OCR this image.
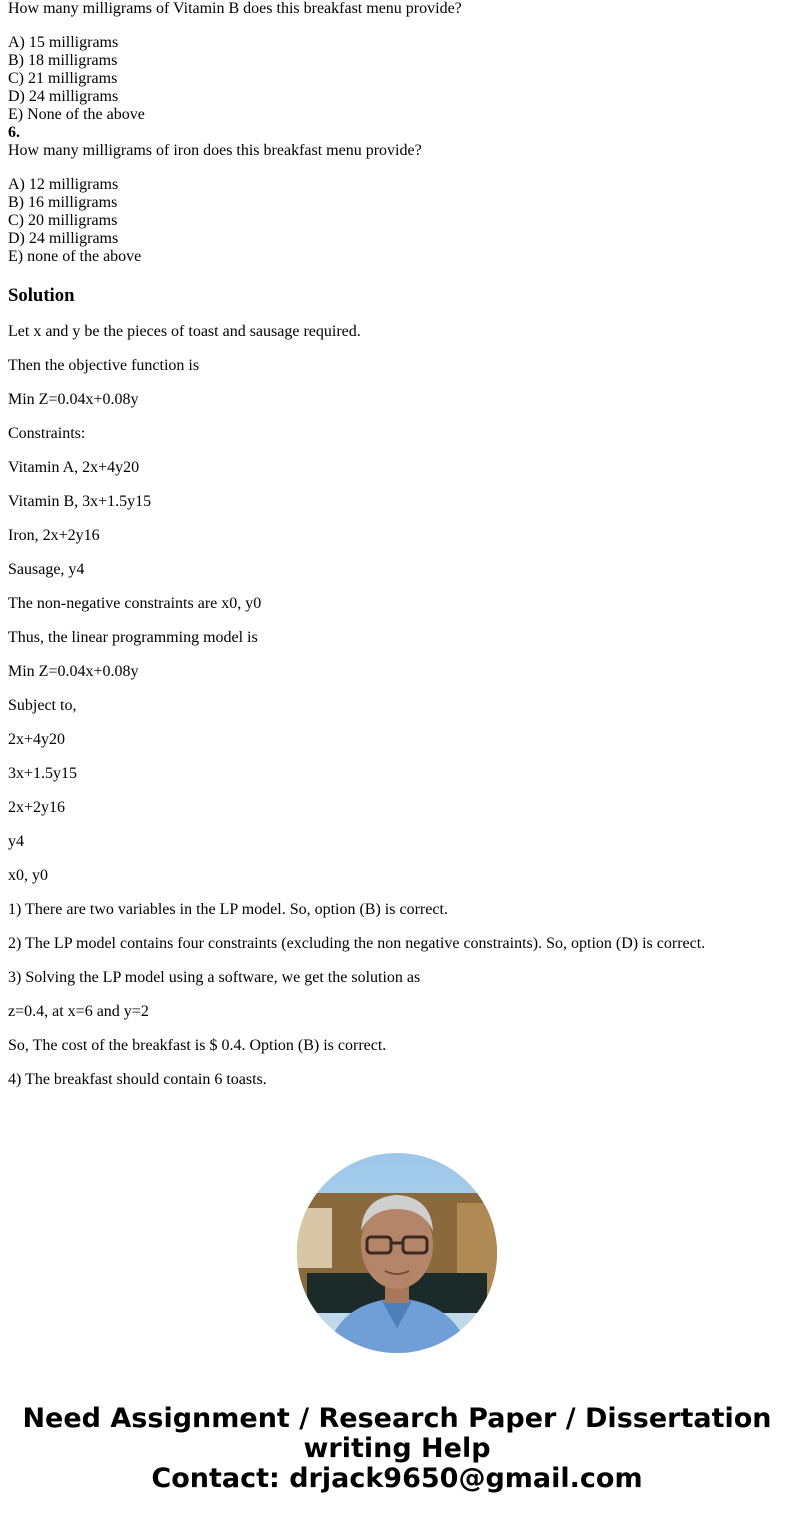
How many milligrams of Vitamin B does this breakfast menu provide?

A) 15 milligrams
B) 18 milligrams
C) 21 milligrams
D) 24 milligrams
E) None of the above

6.

How many milligrams of iron does this breakfast menu provide?

A) 12 milligrams
B) 16 milligrams
C) 20 milligrams
D) 24 milligrams
E) none of the above
Solution

Let x and y be the pieces of toast and sausage required.

Then the objective function is

Min Z=0.04x+0.08y

Constraints:

Vitamin A, 2x+4y20

Vitamin B, 3x+1.5y15

Iron, 2x+2y16

Sausage, y4

The non-negative constraints are x0, y0

Thus, the linear programming model is

Min Z=0.04x+0.08y

Subject to,

2x+4y20

3x+1.5y15

2x+2y16

y4

x0, y0

1) There are two variables in the LP model. So, option (B) is correct.

2) The LP model contains four constraints (excluding the non negative constraints). So, option (D) is correct.

3) Solving the LP model using a software, we get the solution as

z=0.4, at x=6 and y=2

So, The cost of the breakfast is $ 0.4. Option (B) is correct.

4) The breakfast should contain 6 toasts.

Need Assignment / Research Paper / Dissertation
writing Help
Contact: drjack9650@gmail.com
